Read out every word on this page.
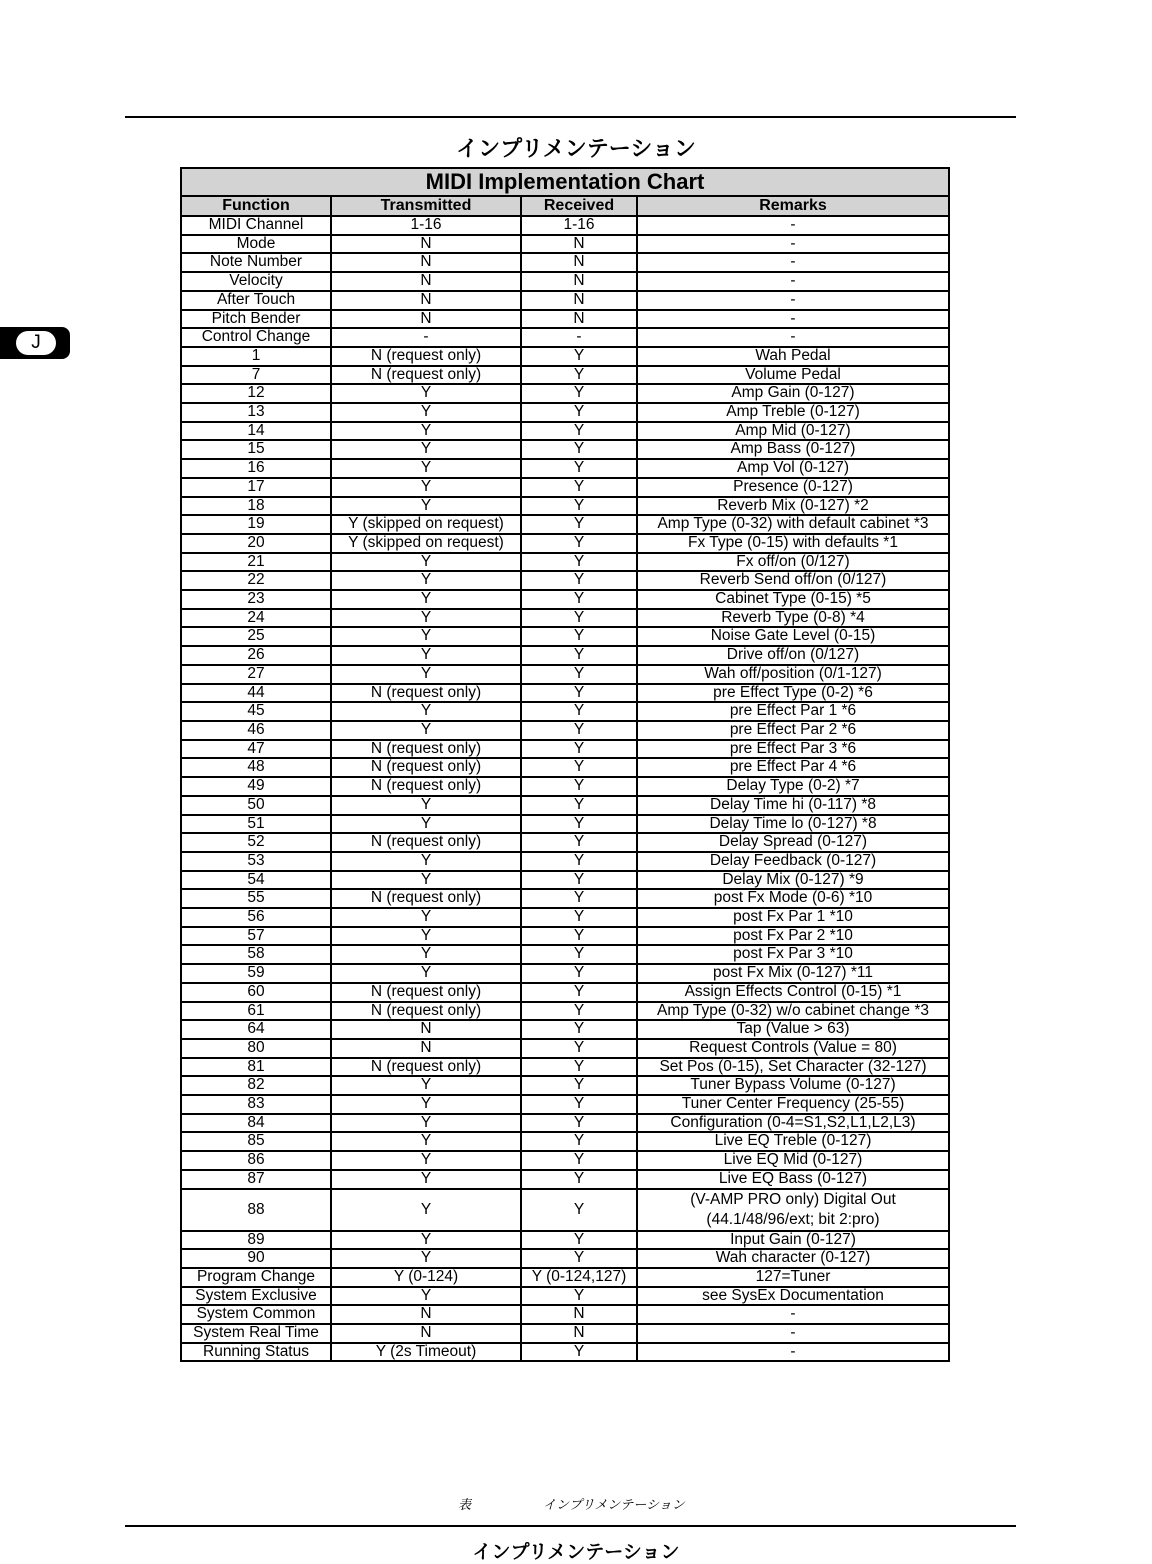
インプリメンテーション
J
MIDI Implementation Chart			
Function	Transmitted	Received	Remarks
MIDI Channel	1-16	1-16	-
Mode	N	N	-
Note Number	N	N	-
Velocity	N	N	-
After Touch	N	N	-
Pitch Bender	N	N	-
Control Change	-	-	-
1	N (request only)	Y	Wah Pedal
7	N (request only)	Y	Volume Pedal
12	Y	Y	Amp Gain (0-127)
13	Y	Y	Amp Treble (0-127)
14	Y	Y	Amp Mid (0-127)
15	Y	Y	Amp Bass (0-127)
16	Y	Y	Amp Vol (0-127)
17	Y	Y	Presence (0-127)
18	Y	Y	Reverb Mix (0-127) *2
19	Y (skipped on request)	Y	Amp Type (0-32) with default cabinet *3
20	Y (skipped on request)	Y	Fx Type (0-15) with defaults *1
21	Y	Y	Fx off/on (0/127)
22	Y	Y	Reverb Send off/on (0/127)
23	Y	Y	Cabinet Type (0-15) *5
24	Y	Y	Reverb Type (0-8) *4
25	Y	Y	Noise Gate Level (0-15)
26	Y	Y	Drive off/on (0/127)
27	Y	Y	Wah off/position (0/1-127)
44	N (request only)	Y	pre Effect Type (0-2) *6
45	Y	Y	pre Effect Par 1 *6
46	Y	Y	pre Effect Par 2 *6
47	N (request only)	Y	pre Effect Par 3 *6
48	N (request only)	Y	pre Effect Par 4 *6
49	N (request only)	Y	Delay Type (0-2) *7
50	Y	Y	Delay Time hi (0-117) *8
51	Y	Y	Delay Time lo (0-127) *8
52	N (request only)	Y	Delay Spread (0-127)
53	Y	Y	Delay Feedback (0-127)
54	Y	Y	Delay Mix (0-127) *9
55	N (request only)	Y	post Fx Mode (0-6) *10
56	Y	Y	post Fx Par 1 *10
57	Y	Y	post Fx Par 2 *10
58	Y	Y	post Fx Par 3 *10
59	Y	Y	post Fx Mix (0-127) *11
60	N (request only)	Y	Assign Effects Control (0-15) *1
61	N (request only)	Y	Amp Type (0-32) w/o cabinet change *3
64	N	Y	Tap (Value > 63)
80	N	Y	Request Controls (Value = 80)
81	N (request only)	Y	Set Pos (0-15), Set Character (32-127)
82	Y	Y	Tuner Bypass Volume (0-127)
83	Y	Y	Tuner Center Frequency (25-55)
84	Y	Y	Configuration (0-4=S1,S2,L1,L2,L3)
85	Y	Y	Live EQ Treble (0-127)
86	Y	Y	Live EQ Mid (0-127)
87	Y	Y	Live EQ Bass (0-127)
88	Y	Y	(V-AMP PRO only) Digital Out
(44.1/48/96/ext; bit 2:pro)
89	Y	Y	Input Gain (0-127)
90	Y	Y	Wah character (0-127)
Program Change	Y (0-124)	Y (0-124,127)	127=Tuner
System Exclusive	Y	Y	see SysEx Documentation
System Common	N	N	-
System Real Time	N	N	-
Running Status	Y (2s Timeout)	Y	-
表	インプリメンテーション
インプリメンテーション
